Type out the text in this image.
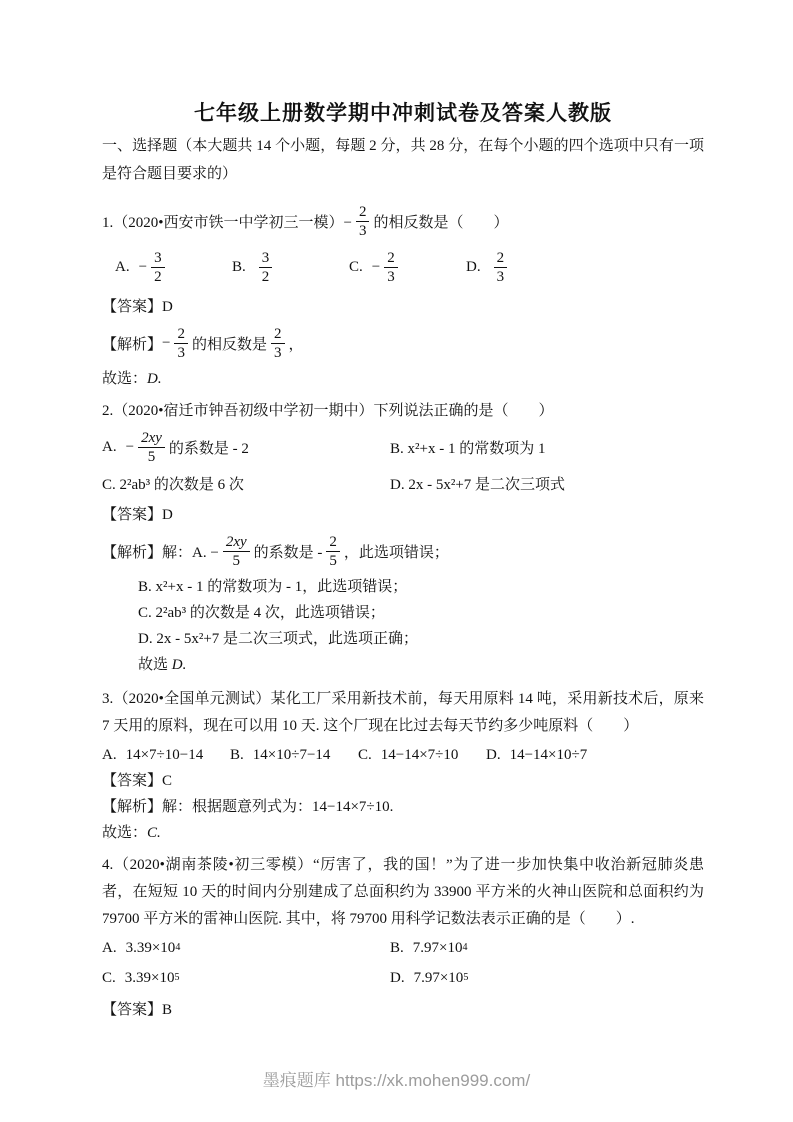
七年级上册数学期中冲刺试卷及答案人教版

一、选择题（本大题共 14 个小题，每题 2 分，共 28 分，在每个小题的四个选项中只有一项是符合题目要求的）

1.（2020•西安市铁一中学初三一模）− $\frac{2}{3}$ 的相反数是（　　）
A. − $\frac{3}{2}$	B. $\frac{3}{2}$	C. − $\frac{2}{3}$	D. $\frac{2}{3}$

【答案】D

【解析】 − $\frac{2}{3}$ 的相反数是 $\frac{2}{3}$ ，

故选：D.

2.（2020•宿迁市钟吾初级中学初一期中）下列说法正确的是（　　）

A. − $\frac{2xy}{5}$ 的系数是 - 2	B. x²+x - 1 的常数项为 1
C. 2²ab³ 的次数是 6 次	D. 2x - 5x²+7 是二次三项式

【答案】D

【解析】 解：A. − $\frac{2xy}{5}$ 的系数是 - $\frac{2}{5}$ ，此选项错误；

B. x²+x - 1 的常数项为 - 1，此选项错误；

C. 2²ab³ 的次数是 4 次，此选项错误；

D. 2x - 5x²+7 是二次三项式，此选项正确；

故选 D.

3.（2020•全国单元测试）某化工厂采用新技术前，每天用原料 14 吨，采用新技术后，原来 7 天用的原料，现在可以用 10 天. 这个厂现在比过去每天节约多少吨原料（　　）

A. 14×7÷10−14 B. 14×10÷7−14 C. 14−14×7÷10 D. 14−14×10÷7

【答案】C

【解析】解：根据题意列式为：14−14×7÷10.

故选：C.

4.（2020•湖南茶陵•初三零模）“厉害了，我的国！”为了进一步加快集中收治新冠肺炎患者，在短短 10 天的时间内分别建成了总面积约为 33900 平方米的火神山医院和总面积约为 79700 平方米的雷神山医院. 其中，将 79700 用科学记数法表示正确的是（　　）.

A. 3.39×10 4	B. 7.97×10 4
C. 3.39×10 5	D. 7.97×10 5

【答案】B

墨痕题库 https://xk.mohen999.com/
